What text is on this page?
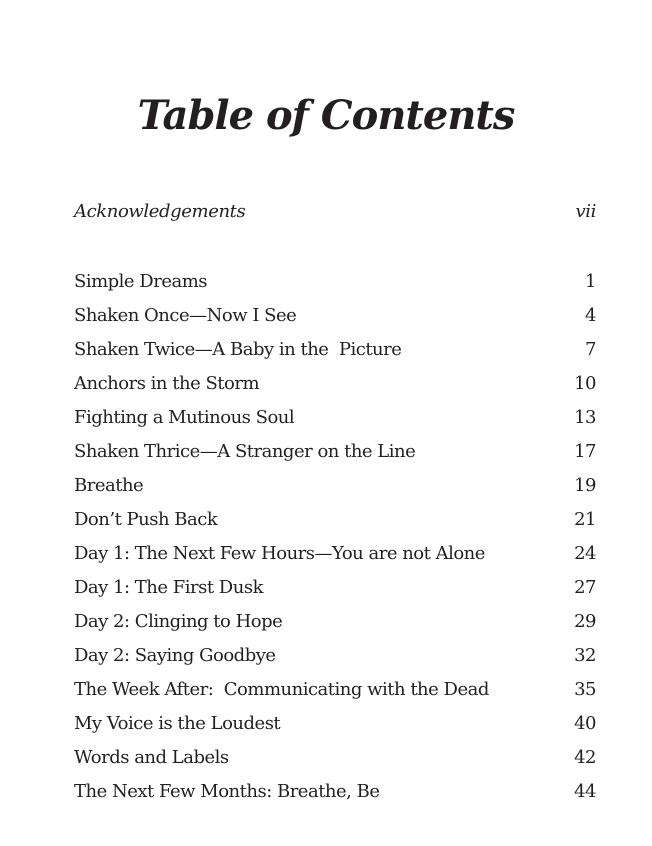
Table of Contents
Acknowledgements	vii
Simple Dreams	1
Shaken Once—Now I See	4
Shaken Twice—A Baby in the  Picture	7
Anchors in the Storm	10
Fighting a Mutinous Soul	13
Shaken Thrice—A Stranger on the Line	17
Breathe	19
Don’t Push Back	21
Day 1: The Next Few Hours—You are not Alone	24
Day 1: The First Dusk	27
Day 2: Clinging to Hope	29
Day 2: Saying Goodbye	32
The Week After:  Communicating with the Dead	35
My Voice is the Loudest	40
Words and Labels	42
The Next Few Months: Breathe, Be	44
